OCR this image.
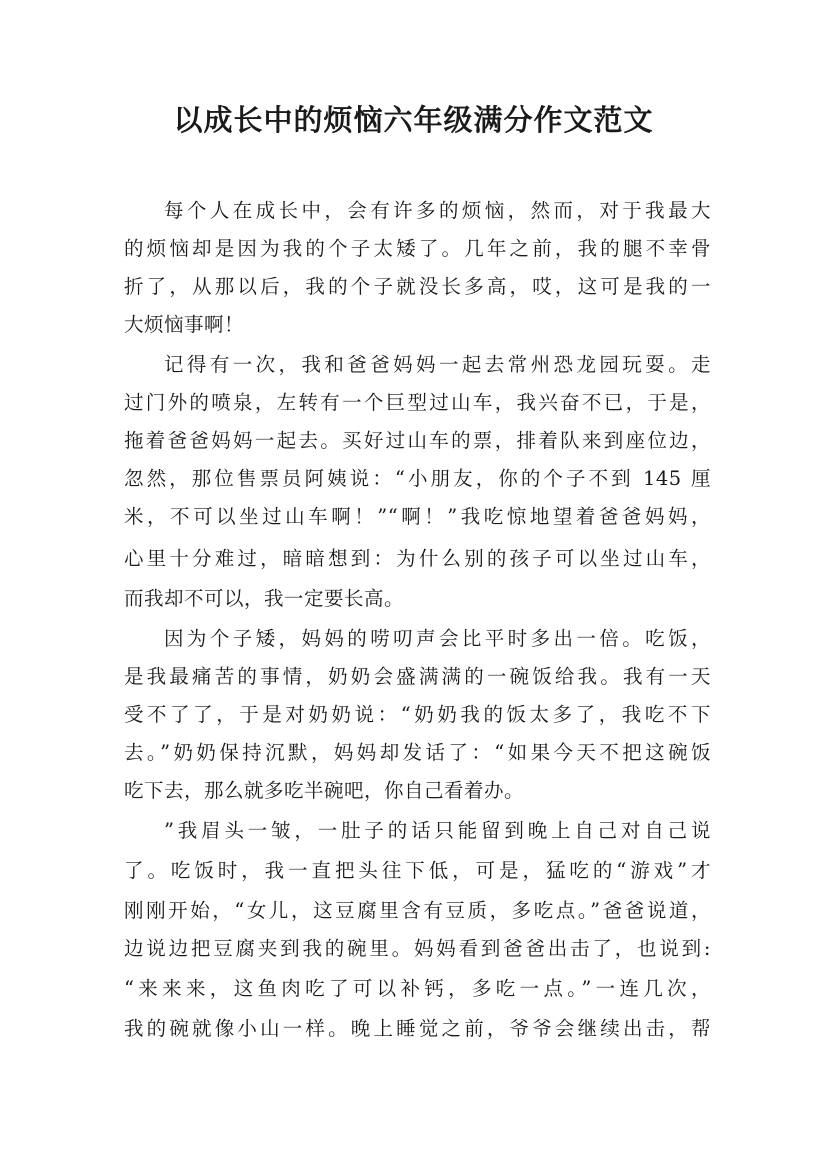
以成长中的烦恼六年级满分作文范文
每个人在成长中，会有许多的烦恼，然而，对于我最大
的烦恼却是因为我的个子太矮了。几年之前，我的腿不幸骨
折了，从那以后，我的个子就没长多高，哎，这可是我的一
大烦恼事啊！
记得有一次，我和爸爸妈妈一起去常州恐龙园玩耍。走
过门外的喷泉，左转有一个巨型过山车，我兴奋不已，于是，
拖着爸爸妈妈一起去。买好过山车的票，排着队来到座位边，
忽然，那位售票员阿姨说：“小朋友，你的个子不到 145 厘
米，不可以坐过山车啊！”“啊！”我吃惊地望着爸爸妈妈，
心里十分难过，暗暗想到：为什么别的孩子可以坐过山车，
而我却不可以，我一定要长高。
因为个子矮，妈妈的唠叨声会比平时多出一倍。吃饭，
是我最痛苦的事情，奶奶会盛满满的一碗饭给我。我有一天
受不了了，于是对奶奶说：“奶奶我的饭太多了，我吃不下
去。”奶奶保持沉默，妈妈却发话了：“如果今天不把这碗饭
吃下去，那么就多吃半碗吧，你自己看着办。
”我眉头一皱，一肚子的话只能留到晚上自己对自己说
了。吃饭时，我一直把头往下低，可是，猛吃的“游戏”才
刚刚开始，“女儿，这豆腐里含有豆质，多吃点。”爸爸说道，
边说边把豆腐夹到我的碗里。妈妈看到爸爸出击了，也说到:
“来来来，这鱼肉吃了可以补钙，多吃一点。”一连几次，
我的碗就像小山一样。晚上睡觉之前，爷爷会继续出击，帮
